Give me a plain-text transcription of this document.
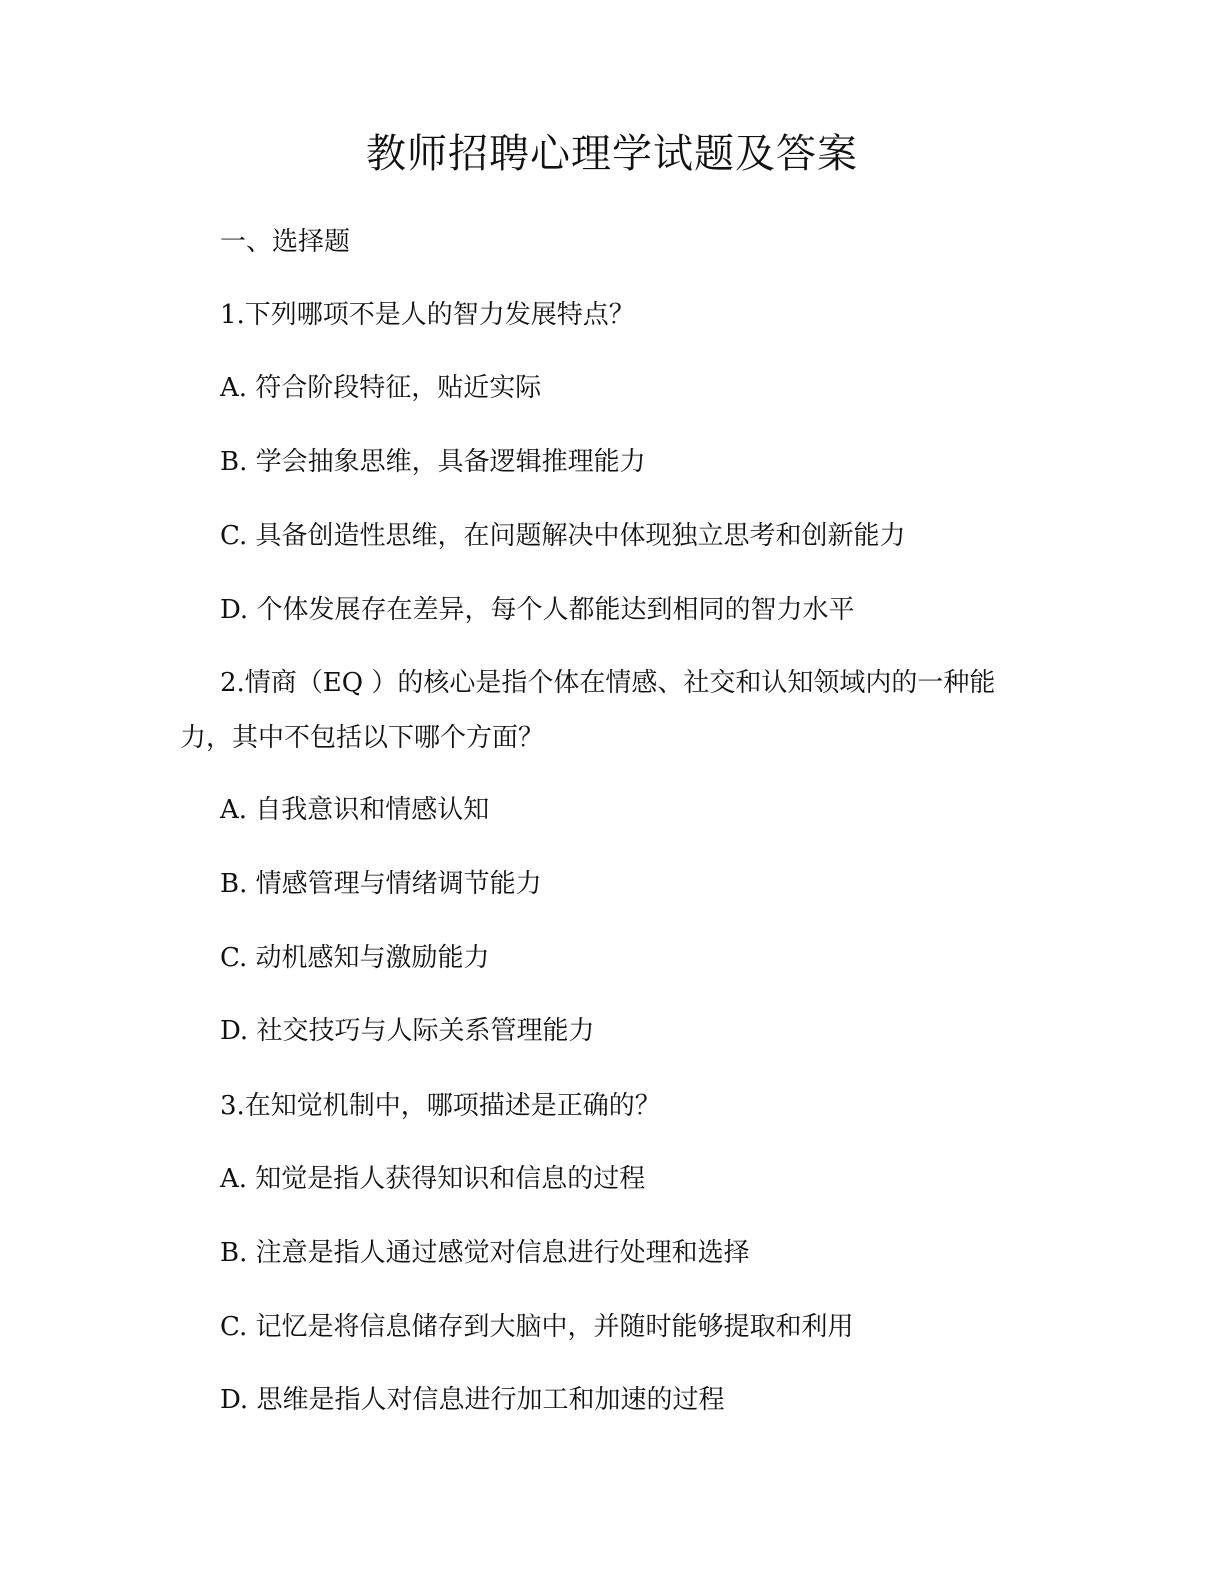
教师招聘心理学试题及答案

一、选择题

1.下列哪项不是人的智力发展特点？

A. 符合阶段特征，贴近实际

B. 学会抽象思维，具备逻辑推理能力

C. 具备创造性思维，在问题解决中体现独立思考和创新能力

D. 个体发展存在差异，每个人都能达到相同的智力水平

2.情商（EQ ）的核心是指个体在情感、社交和认知领域内的一种能

力，其中不包括以下哪个方面？

A. 自我意识和情感认知

B. 情感管理与情绪调节能力

C. 动机感知与激励能力

D. 社交技巧与人际关系管理能力

3.在知觉机制中，哪项描述是正确的？

A. 知觉是指人获得知识和信息的过程

B. 注意是指人通过感觉对信息进行处理和选择

C. 记忆是将信息储存到大脑中，并随时能够提取和利用

D. 思维是指人对信息进行加工和加速的过程
